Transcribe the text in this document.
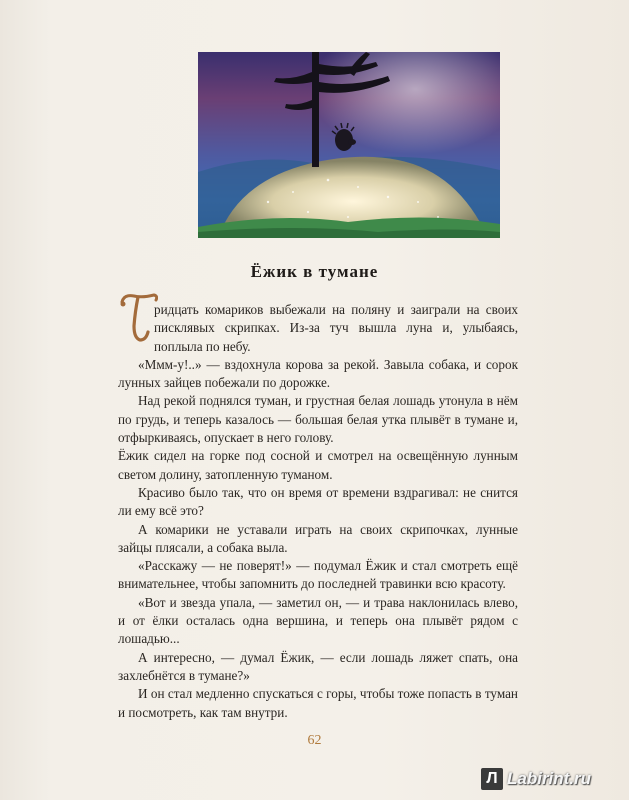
Ёжик в тумане

ридцать комариков выбежали на поляну и заиграли на своих писклявых скрипках. Из-за туч вышла луна и, улыбаясь, поплыла по небу.

«Ммм-у!..» — вздохнула корова за рекой. Завыла собака, и сорок лунных зайцев побежали по дорожке.

Над рекой поднялся туман, и грустная белая лошадь утонула в нём по грудь, и теперь казалось — большая белая утка плывёт в тумане и, отфыркиваясь, опускает в него голову.

Ёжик сидел на горке под сосной и смотрел на освещённую лунным светом долину, затопленную туманом.

Красиво было так, что он время от времени вздрагивал: не снится ли ему всё это?

А комарики не уставали играть на своих скрипочках, лунные зайцы плясали, а собака выла.

«Расскажу — не поверят!» — подумал Ёжик и стал смотреть ещё внимательнее, чтобы запомнить до последней травинки всю красоту.

«Вот и звезда упала, — заметил он, — и трава наклонилась влево, и от ёлки осталась одна вершина, и теперь она плывёт рядом с лошадью...

А интересно, — думал Ёжик, — если лошадь ляжет спать, она захлебнётся в тумане?»

И он стал медленно спускаться с горы, чтобы тоже попасть в туман и посмотреть, как там внутри.

62
Л Labirint.ru
